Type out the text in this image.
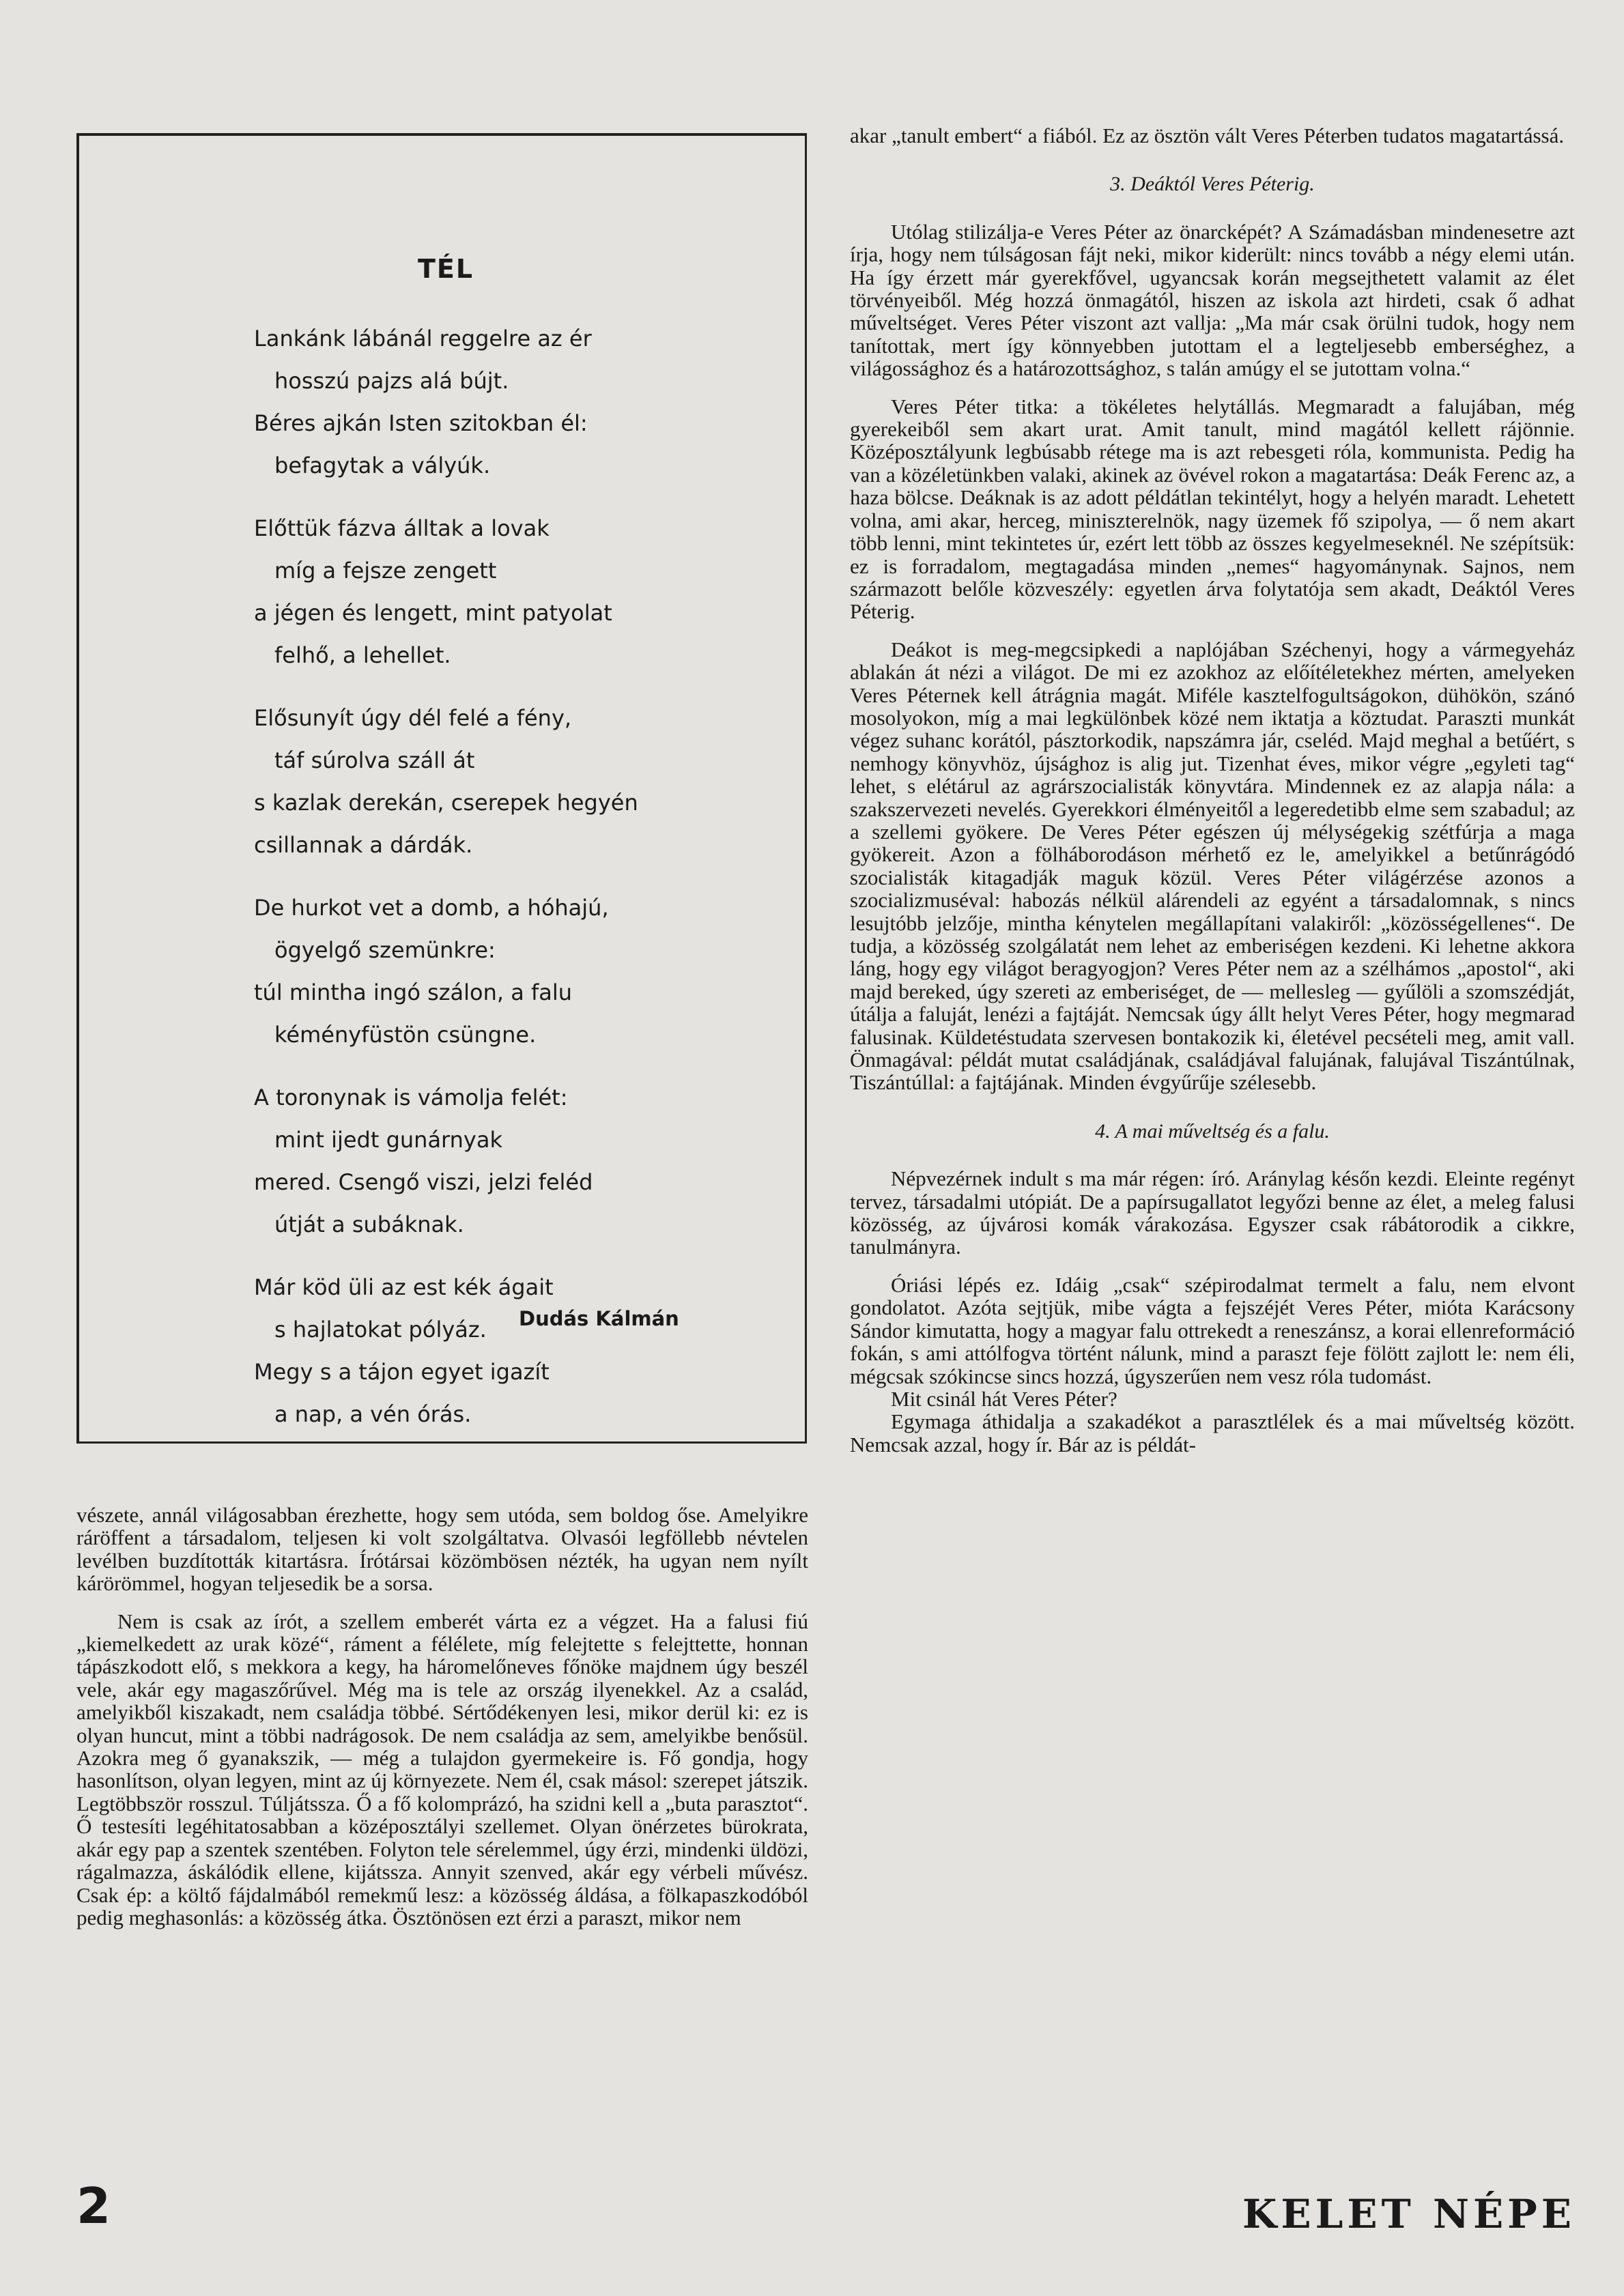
TÉL
Lankánk lábánál reggelre az ér
hosszú pajzs alá bújt.
Béres ajkán Isten szitokban él:
befagytak a vályúk.
Előttük fázva álltak a lovak
míg a fejsze zengett
a jégen és lengett, mint patyolat
felhő, a lehellet.
Elősunyít úgy dél felé a fény,
táf súrolva száll át
s kazlak derekán, cserepek hegyén
csillannak a dárdák.
De hurkot vet a domb, a hóhajú,
ögyelgő szemünkre:
túl mintha ingó szálon, a falu
kéményfüstön csüngne.
A toronynak is vámolja felét:
mint ijedt gunárnyak
mered. Csengő viszi, jelzi feléd
útját a subáknak.
Már köd üli az est kék ágait
s hajlatokat pólyáz.
Megy s a tájon egyet igazít
a nap, a vén órás.
Dudás Kálmán

vészete, annál világosabban érezhette, hogy sem utóda, sem boldog őse. Amelyikre ráröffent a társadalom, teljesen ki volt szolgáltatva. Olvasói legföllebb névtelen levélben buzdították kitartásra. Írótársai közömbösen nézték, ha ugyan nem nyílt kárörömmel, hogyan teljesedik be a sorsa.

Nem is csak az írót, a szellem emberét várta ez a végzet. Ha a falusi fiú „kiemelkedett az urak közé“, ráment a félélete, míg felejtette s felejttette, honnan tápászkodott elő, s mekkora a kegy, ha háromelőneves főnöke majdnem úgy beszél vele, akár egy magaszőrűvel. Még ma is tele az ország ilyenekkel. Az a család, amelyikből kiszakadt, nem családja többé. Sértődékenyen lesi, mikor derül ki: ez is olyan huncut, mint a többi nadrágosok. De nem családja az sem, amelyikbe benősül. Azokra meg ő gyanakszik, — még a tulajdon gyermekeire is. Fő gondja, hogy hasonlítson, olyan legyen, mint az új környezete. Nem él, csak másol: szerepet játszik. Legtöbbször rosszul. Túljátssza. Ő a fő kolomprázó, ha szidni kell a „buta parasztot“. Ő testesíti legéhitatosabban a középosztályi szellemet. Olyan önérzetes bürokrata, akár egy pap a szentek szentében. Folyton tele sérelemmel, úgy érzi, mindenki üldözi, rágalmazza, áskálódik ellene, kijátssza. Annyit szenved, akár egy vérbeli művész. Csak ép: a költő fájdalmából remekmű lesz: a közösség áldása, a fölkapaszkodóból pedig meghasonlás: a közösség átka. Ösztönösen ezt érzi a paraszt, mikor nem

akar „tanult embert“ a fiából. Ez az ösztön vált Veres Péterben tudatos magatartássá.

3. Deáktól Veres Péterig.

Utólag stilizálja-e Veres Péter az önarcképét? A Számadásban mindenesetre azt írja, hogy nem túlságosan fájt neki, mikor kiderült: nincs tovább a négy elemi után. Ha így érzett már gyerekfővel, ugyancsak korán megsejthetett valamit az élet törvényeiből. Még hozzá önmagától, hiszen az iskola azt hirdeti, csak ő adhat műveltséget. Veres Péter viszont azt vallja: „Ma már csak örülni tudok, hogy nem tanítottak, mert így könnyebben jutottam el a legteljesebb emberséghez, a világossághoz és a határozottsághoz, s talán amúgy el se jutottam volna.“

Veres Péter titka: a tökéletes helytállás. Megmaradt a falujában, még gyerekeiből sem akart urat. Amit tanult, mind magától kellett rájönnie. Középosztályunk legbúsabb rétege ma is azt rebesgeti róla, kommunista. Pedig ha van a közéletünkben valaki, akinek az övével rokon a magatartása: Deák Ferenc az, a haza bölcse. Deáknak is az adott példátlan tekintélyt, hogy a helyén maradt. Lehetett volna, ami akar, herceg, miniszterelnök, nagy üzemek fő szipolya, — ő nem akart több lenni, mint tekintetes úr, ezért lett több az összes kegyelmeseknél. Ne szépítsük: ez is forradalom, megtagadása minden „nemes“ hagyománynak. Sajnos, nem származott belőle közveszély: egyetlen árva folytatója sem akadt, Deáktól Veres Péterig.

Deákot is meg-megcsipkedi a naplójában Széchenyi, hogy a vármegyeház ablakán át nézi a világot. De mi ez azokhoz az előítéletekhez mérten, amelyeken Veres Péternek kell átrágnia magát. Miféle kasztelfogultságokon, dühökön, szánó mosolyokon, míg a mai legkülönbek közé nem iktatja a köztudat. Paraszti munkát végez suhanc korától, pásztorkodik, napszámra jár, cseléd. Majd meghal a betűért, s nemhogy könyvhöz, újsághoz is alig jut. Tizenhat éves, mikor végre „egyleti tag“ lehet, s elétárul az agrárszocialisták könyvtára. Mindennek ez az alapja nála: a szakszervezeti nevelés. Gyerekkori élményeitől a legeredetibb elme sem szabadul; az a szellemi gyökere. De Veres Péter egészen új mélységekig szétfúrja a maga gyökereit. Azon a fölháborodáson mérhető ez le, amelyikkel a betűnrágódó szocialisták kitagadják maguk közül. Veres Péter világérzése azonos a szocializmuséval: habozás nélkül alárendeli az egyént a társadalomnak, s nincs lesujtóbb jelzője, mintha kénytelen megállapítani valakiről: „közösségellenes“. De tudja, a közösség szolgálatát nem lehet az emberiségen kezdeni. Ki lehetne akkora láng, hogy egy világot beragyogjon? Veres Péter nem az a szélhámos „apostol“, aki majd bereked, úgy szereti az emberiséget, de — mellesleg — gyűlöli a szomszédját, útálja a faluját, lenézi a fajtáját. Nemcsak úgy állt helyt Veres Péter, hogy megmarad falusinak. Küldetéstudata szervesen bontakozik ki, életével pecsételi meg, amit vall. Önmagával: példát mutat családjának, családjával falujának, falujával Tiszántúlnak, Tiszántúllal: a fajtájának. Minden évgyűrűje szélesebb.

4. A mai műveltség és a falu.

Népvezérnek indult s ma már régen: író. Aránylag későn kezdi. Eleinte regényt tervez, társadalmi utópiát. De a papírsugallatot legyőzi benne az élet, a meleg falusi közösség, az újvárosi komák várakozása. Egyszer csak rábátorodik a cikkre, tanulmányra.

Óriási lépés ez. Idáig „csak“ szépirodalmat termelt a falu, nem elvont gondolatot. Azóta sejtjük, mibe vágta a fejszéjét Veres Péter, mióta Karácsony Sándor kimutatta, hogy a magyar falu ottrekedt a reneszánsz, a korai ellenreformáció fokán, s ami attólfogva történt nálunk, mind a paraszt feje fölött zajlott le: nem éli, mégcsak szókincse sincs hozzá, úgyszerűen nem vesz róla tudomást.

Mit csinál hát Veres Péter?

Egymaga áthidalja a szakadékot a parasztlélek és a mai műveltség között. Nemcsak azzal, hogy ír. Bár az is példát-

2	KELET NÉPE
